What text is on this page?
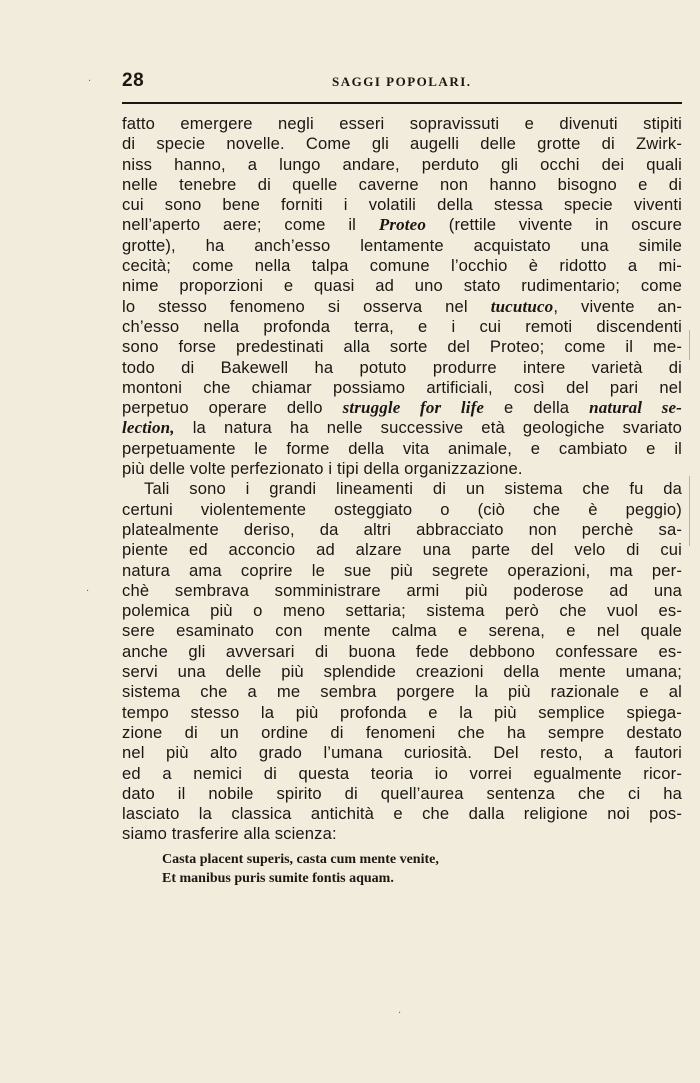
28	SAGGI POPOLARI.
·
·
·
fatto emergere negli esseri sopravissuti e divenuti stipiti
di specie novelle. Come gli augelli delle grotte di Zwirk-
niss hanno, a lungo andare, perduto gli occhi dei quali
nelle tenebre di quelle caverne non hanno bisogno e di
cui sono bene forniti i volatili della stessa specie viventi
nell’aperto aere; come il Proteo (rettile vivente in oscure
grotte), ha anch’esso lentamente acquistato una simile
cecità; come nella talpa comune l’occhio è ridotto a mi-
nime proporzioni e quasi ad uno stato rudimentario; come
lo stesso fenomeno si osserva nel tucutuco, vivente an-
ch’esso nella profonda terra, e i cui remoti discendenti
sono forse predestinati alla sorte del Proteo; come il me-
todo di Bakewell ha potuto produrre intere varietà di
montoni che chiamar possiamo artificiali, così del pari nel
perpetuo operare dello struggle for life e della natural se-
lection, la natura ha nelle successive età geologiche svariato
perpetuamente le forme della vita animale, e cambiato e il
più delle volte perfezionato i tipi della organizzazione.
Tali sono i grandi lineamenti di un sistema che fu da
certuni violentemente osteggiato o (ciò che è peggio)
platealmente deriso, da altri abbracciato non perchè sa-
piente ed acconcio ad alzare una parte del velo di cui
natura ama coprire le sue più segrete operazioni, ma per-
chè sembrava somministrare armi più poderose ad una
polemica più o meno settaria; sistema però che vuol es-
sere esaminato con mente calma e serena, e nel quale
anche gli avversari di buona fede debbono confessare es-
servi una delle più splendide creazioni della mente umana;
sistema che a me sembra porgere la più razionale e al
tempo stesso la più profonda e la più semplice spiega-
zione di un ordine di fenomeni che ha sempre destato
nel più alto grado l’umana curiosità. Del resto, a fautori
ed a nemici di questa teoria io vorrei egualmente ricor-
dato il nobile spirito di quell’aurea sentenza che ci ha
lasciato la classica antichità e che dalla religione noi pos-
siamo trasferire alla scienza:
Casta placent superis, casta cum mente venite,
Et manibus puris sumite fontis aquam.
